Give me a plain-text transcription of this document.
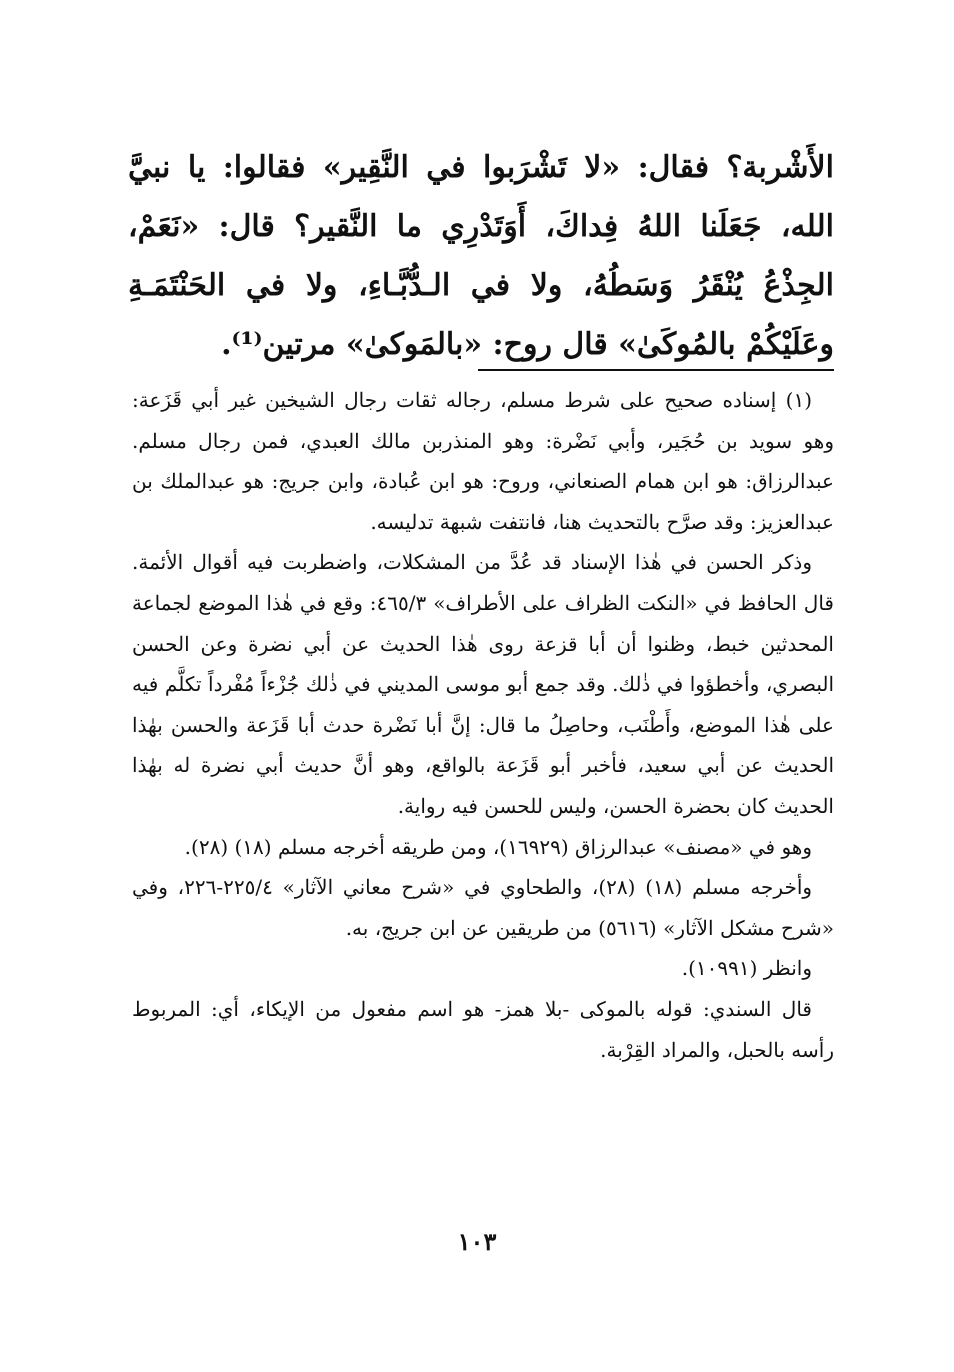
الأَشْربة؟ فقال: «لا تَشْرَبوا في النَّقِير» فقالوا: يا نبيَّ الله، جَعَلَنا اللهُ فِداكَ، أَوَتَدْرِي ما النَّقير؟ قال: «نَعَمْ، الجِذْعُ يُنْقَرُ وَسَطُهُ، ولا في الـدُّبَّـاءِ، ولا في الحَنْتَمَـةِ وعَلَيْكُمْ بالمُوكَىٰ» قال روح: «بالمَوكىٰ» مرتين⁽¹⁾.

(١) إسناده صحيح على شرط مسلم، رجاله ثقات رجال الشيخين غير أبي قَزَعة: وهو سويد بن حُجَير، وأبي نَضْرة: وهو المنذربن مالك العبدي، فمن رجال مسلم. عبدالرزاق: هو ابن همام الصنعاني، وروح: هو ابن عُبادة، وابن جريج: هو عبدالملك بن عبدالعزيز: وقد صرَّح بالتحديث هنا، فانتفت شبهة تدليسه.

وذكر الحسن في هٰذا الإسناد قد عُدَّ من المشكلات، واضطربت فيه أقوال الأئمة. قال الحافظ في «النكت الظراف على الأطراف» ٤٦٥/٣: وقع في هٰذا الموضع لجماعة المحدثين خبط، وظنوا أن أبا قزعة روى هٰذا الحديث عن أبي نضرة وعن الحسن البصري، وأخطؤوا في ذٰلك. وقد جمع أبو موسى المديني في ذٰلك جُزْءاً مُفْرداً تكلَّم فيه على هٰذا الموضع، وأَطْنَب، وحاصِلُ ما قال: إنَّ أبا نَضْرة حدث أبا قَزَعة والحسن بهٰذا الحديث عن أبي سعيد، فأخبر أبو قَزَعة بالواقع، وهو أنَّ حديث أبي نضرة له بهٰذا الحديث كان بحضرة الحسن، وليس للحسن فيه رواية.

وهو في «مصنف» عبدالرزاق (١٦٩٢٩)، ومن طريقه أخرجه مسلم (١٨) (٢٨).

وأخرجه مسلم (١٨) (٢٨)، والطحاوي في «شرح معاني الآثار» ٢٢٥/٤-٢٢٦، وفي «شرح مشكل الآثار» (٥٦١٦) من طريقين عن ابن جريج، به.

وانظر (١٠٩٩١).

قال السندي: قوله بالموكى -بلا همز- هو اسم مفعول من الإيكاء، أي: المربوط رأسه بالحبل، والمراد القِرْبة.

١٠٣
